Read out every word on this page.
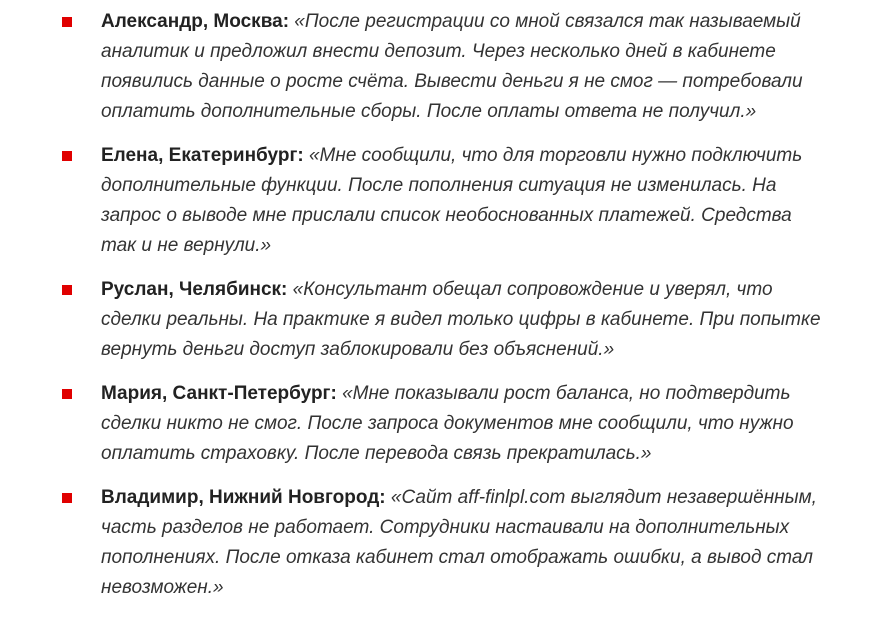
Александр, Москва: «После регистрации со мной связался так называемый аналитик и предложил внести депозит. Через несколько дней в кабинете появились данные о росте счёта. Вывести деньги я не смог — потребовали оплатить дополнительные сборы. После оплаты ответа не получил.»
Елена, Екатеринбург: «Мне сообщили, что для торговли нужно подключить дополнительные функции. После пополнения ситуация не изменилась. На запрос о выводе мне прислали список необоснованных платежей. Средства так и не вернули.»
Руслан, Челябинск: «Консультант обещал сопровождение и уверял, что сделки реальны. На практике я видел только цифры в кабинете. При попытке вернуть деньги доступ заблокировали без объяснений.»
Мария, Санкт-Петербург: «Мне показывали рост баланса, но подтвердить сделки никто не смог. После запроса документов мне сообщили, что нужно оплатить страховку. После перевода связь прекратилась.»
Владимир, Нижний Новгород: «Сайт aff-finlpl.com выглядит незавершённым, часть разделов не работает. Сотрудники настаивали на дополнительных пополнениях. После отказа кабинет стал отображать ошибки, а вывод стал невозможен.»
